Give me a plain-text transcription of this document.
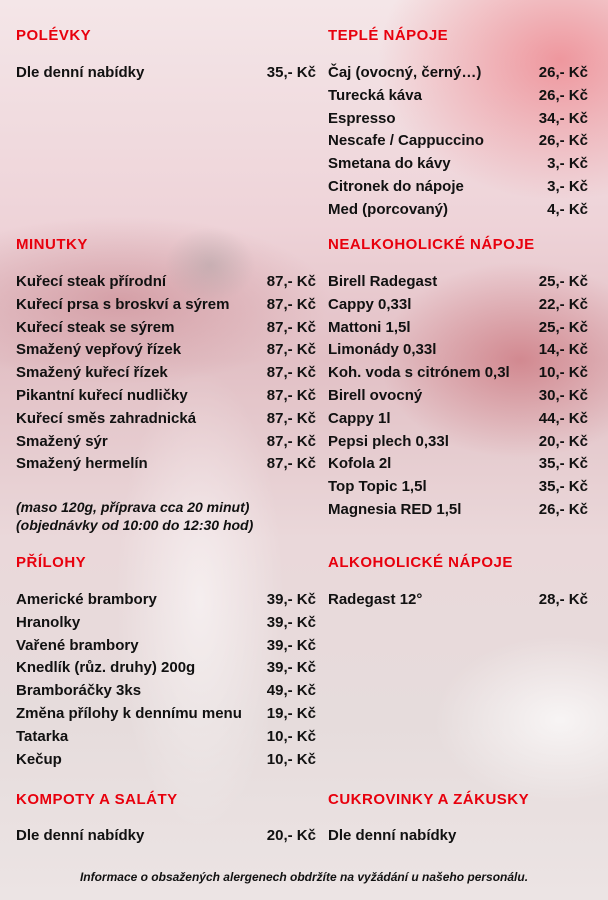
POLÉVKY
Dle denní nabídky	35,- Kč
MINUTKY
Kuřecí steak přírodní	87,- Kč
Kuřecí prsa s broskví a sýrem 87,- Kč
Kuřecí steak se sýrem	87,- Kč
Smažený vepřový řízek	87,- Kč
Smažený kuřecí řízek	87,- Kč
Pikantní kuřecí nudličky	87,- Kč
Kuřecí směs zahradnická	87,- Kč
Smažený sýr	87,- Kč
Smažený hermelín	87,- Kč
(maso 120g, příprava cca 20 minut)
(objednávky od 10:00 do 12:30 hod)
PŘÍLOHY
Americké brambory	39,- Kč
Hranolky	39,- Kč
Vařené brambory	39,- Kč
Knedlík (růz. druhy) 200g	39,- Kč
Bramboráčky 3ks	49,- Kč
Změna přílohy k dennímu menu 19,- Kč
Tatarka	10,- Kč
Kečup	10,- Kč
KOMPOTY A SALÁTY
Dle denní nabídky	20,- Kč
TEPLÉ NÁPOJE
Čaj (ovocný, černý…)	26,- Kč
Turecká káva	26,- Kč
Espresso	34,- Kč
Nescafe / Cappuccino	26,- Kč
Smetana do kávy	3,- Kč
Citronek do nápoje	3,- Kč
Med (porcovaný)	4,- Kč
NEALKOHOLICKÉ NÁPOJE
Birell Radegast	25,- Kč
Cappy 0,33l	22,- Kč
Mattoni 1,5l	25,- Kč
Limonády 0,33l	14,- Kč
Koh. voda s citrónem 0,3l 10,- Kč
Birell ovocný	30,- Kč
Cappy 1l	44,- Kč
Pepsi plech 0,33l	20,- Kč
Kofola 2l	35,- Kč
Top Topic 1,5l	35,- Kč
Magnesia RED 1,5l	26,- Kč
ALKOHOLICKÉ NÁPOJE
Radegast 12°	28,- Kč
CUKROVINKY A ZÁKUSKY
Dle denní nabídky
Informace o obsažených alergenech obdržíte na vyžádání u našeho personálu.
